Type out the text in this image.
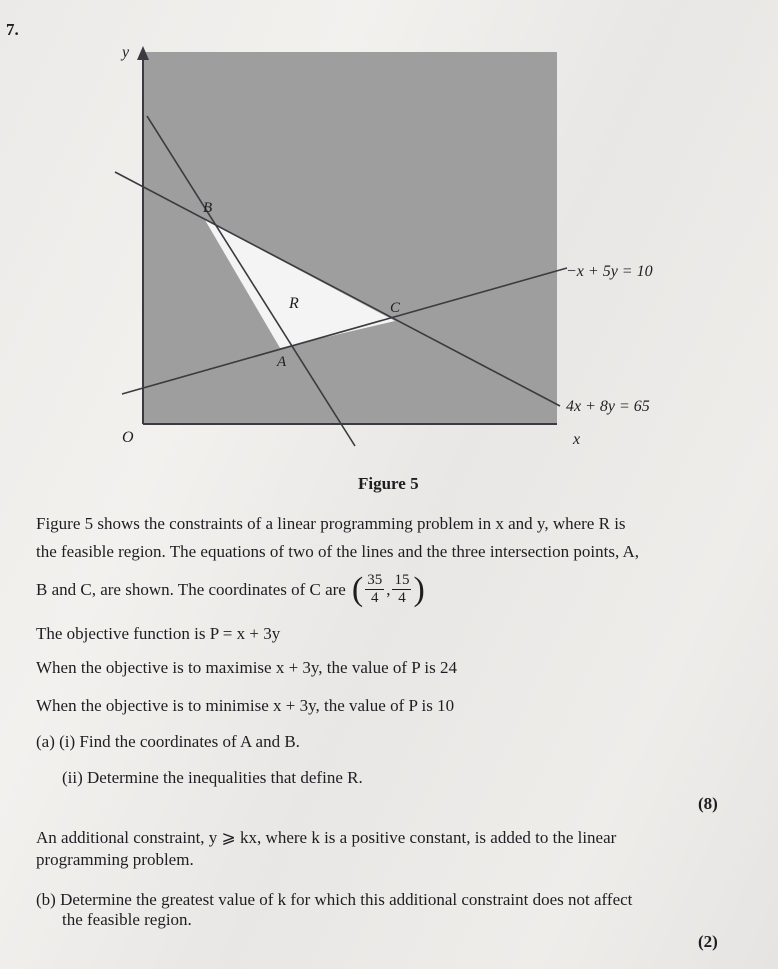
7.
y
x
O
B
C
A
R
−x + 5y = 10
4x + 8y = 65
Figure 5
Figure 5 shows the constraints of a linear programming problem in x and y, where R is
the feasible region. The equations of two of the lines and the three intersection points, A,
B and C, are shown. The coordinates of C are ( $\frac{35}{4}$ , $\frac{15}{4}$ )
The objective function is P = x + 3y
When the objective is to maximise x + 3y, the value of P is 24
When the objective is to minimise x + 3y, the value of P is 10
(a) (i) Find the coordinates of A and B.
(ii) Determine the inequalities that define R.
(8)
An additional constraint, y ⩾ kx, where k is a positive constant, is added to the linear
programming problem.
(b) Determine the greatest value of k for which this additional constraint does not affect
the feasible region.
(2)
